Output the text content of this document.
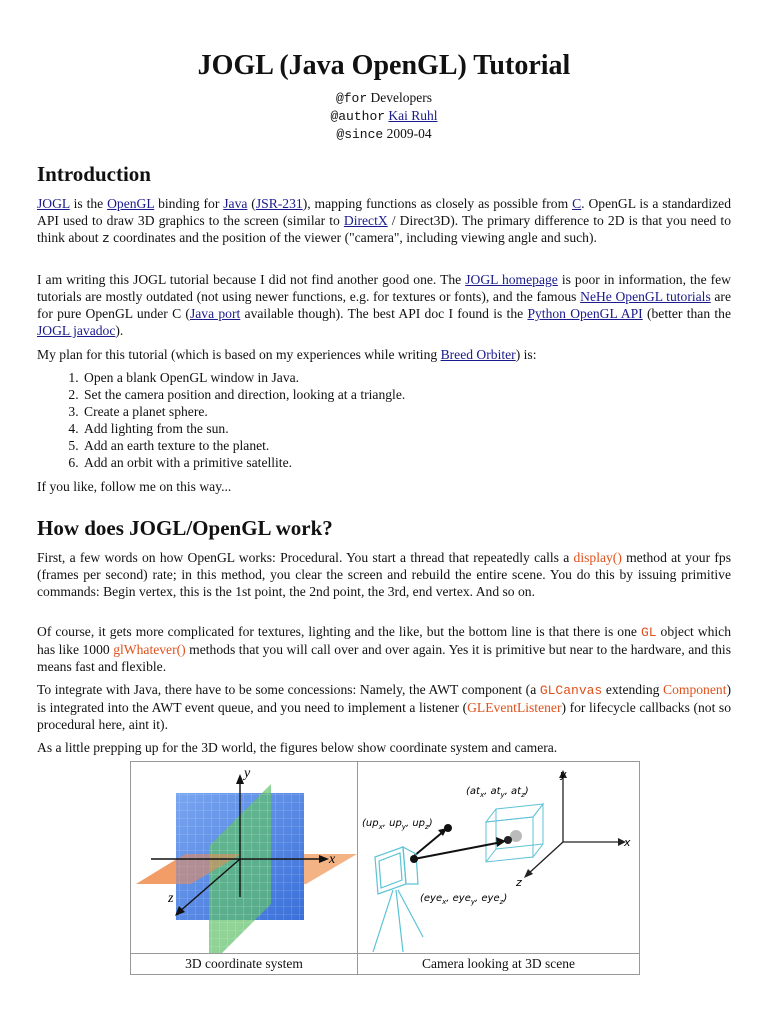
JOGL (Java OpenGL) Tutorial
@for Developers
@author Kai Ruhl
@since 2009-04
Introduction

JOGL is the OpenGL binding for Java (JSR-231), mapping functions as closely as possible from C. OpenGL is a standardized API used to draw 3D graphics to the screen (similar to DirectX / Direct3D). The primary difference to 2D is that you need to think about z coordinates and the position of the viewer ("camera", including viewing angle and such).

I am writing this JOGL tutorial because I did not find another good one. The JOGL homepage is poor in information, the few tutorials are mostly outdated (not using newer functions, e.g. for textures or fonts), and the famous NeHe OpenGL tutorials are for pure OpenGL under C (Java port available though). The best API doc I found is the Python OpenGL API (better than the JOGL javadoc).

My plan for this tutorial (which is based on my experiences while writing Breed Orbiter) is:

1. Open a blank OpenGL window in Java.
2. Set the camera position and direction, looking at a triangle.
3. Create a planet sphere.
4. Add lighting from the sun.
5. Add an earth texture to the planet.
6. Add an orbit with a primitive satellite.

If you like, follow me on this way...

How does JOGL/OpenGL work?

First, a few words on how OpenGL works: Procedural. You start a thread that repeatedly calls a display() method at your fps (frames per second) rate; in this method, you clear the screen and rebuild the entire scene. You do this by issuing primitive commands: Begin vertex, this is the 1st point, the 2nd point, the 3rd, end vertex. And so on.

Of course, it gets more complicated for textures, lighting and the like, but the bottom line is that there is one GL object which has like 1000 glWhatever() methods that you will call over and over again. Yes it is primitive but near to the hardware, and this means fast and flexible.

To integrate with Java, there have to be some concessions: Namely, the AWT component (a GLCanvas extending Component) is integrated into the AWT event queue, and you need to implement a listener (GLEventListener) for lifecycle callbacks (not so procedural here, aint it).

As a little prepping up for the 3D world, the figures below show coordinate system and camera.

y
x
z
3D coordinate system
y
x
z
($at_x$, $at_y$, $at_z$)
($up_x$, $up_y$, $up_z$)
(eye$_x$, eye$_y$, eye$_z$)
Camera looking at 3D scene
